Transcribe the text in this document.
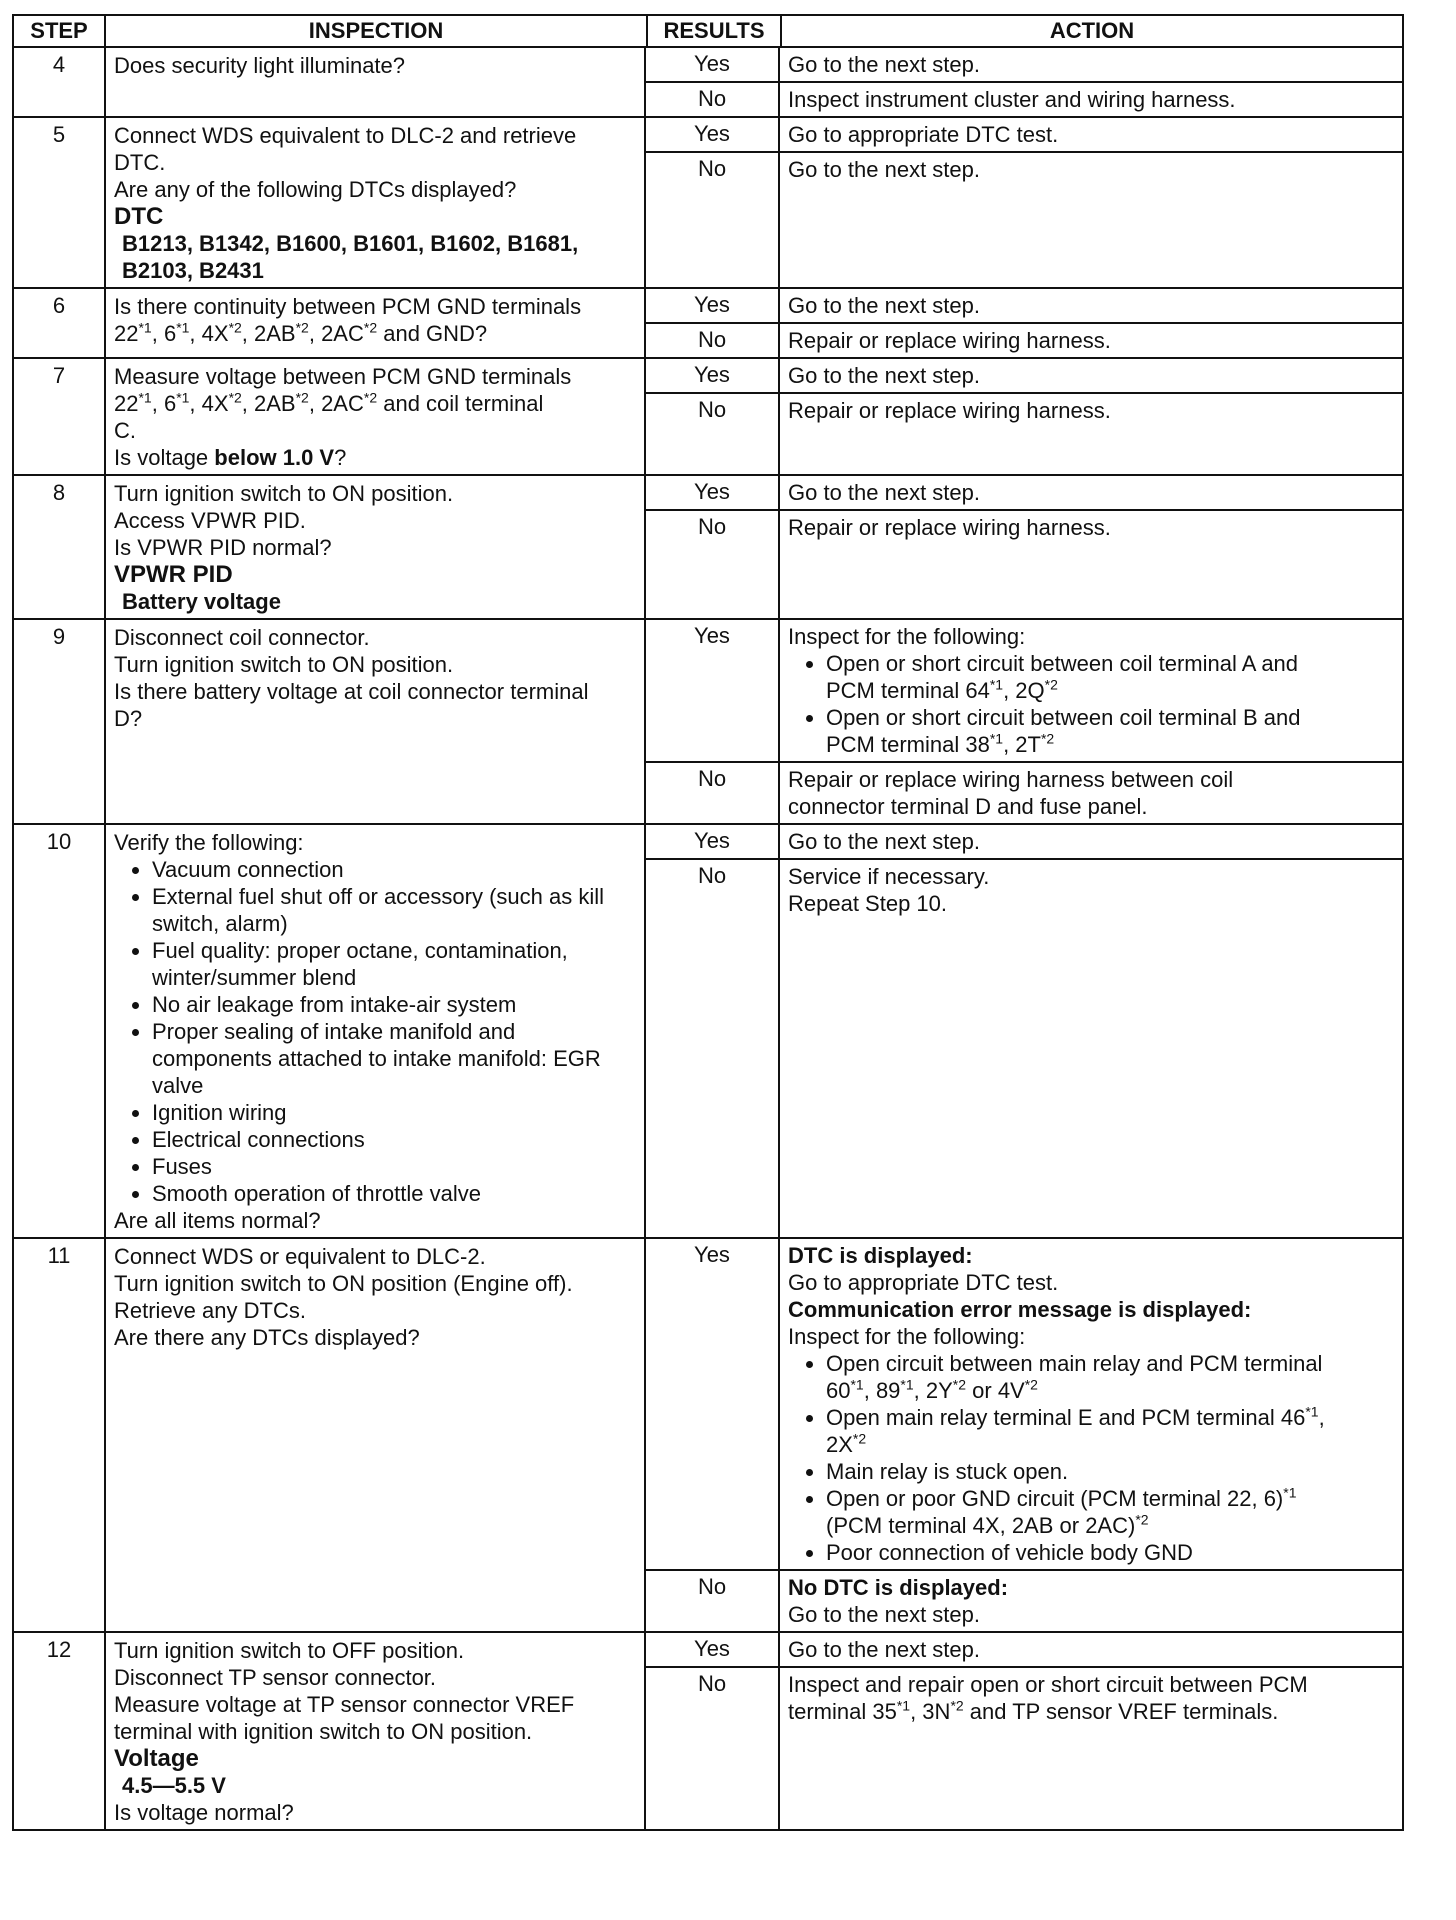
STEP	INSPECTION	RESULTS	ACTION
4	Does security light illuminate?	Yes	Go to the next step.
No	Inspect instrument cluster and wiring harness.
5	Connect WDS equivalent to DLC-2 and retrieve
DTC.
Are any of the following DTCs displayed?
DTC
B1213, B1342, B1600, B1601, B1602, B1681,
B2103, B2431
Yes	Go to appropriate DTC test.
No	Go to the next step.
6	Is there continuity between PCM GND terminals
22$^{*1}$, 6$^{*1}$, $4X^{*2}$, 2AB$^{*2}$, 2AC$^{*2}$ and GND?
Yes	Go to the next step.
No	Repair or replace wiring harness.
7	Measure voltage between PCM GND terminals
22$^{*1}$, 6$^{*1}$, $4X^{*2}$, 2AB$^{*2}$, 2AC$^{*2}$ and coil terminal
C.
Is voltage below 1.0 V?
Yes	Go to the next step.
No	Repair or replace wiring harness.
8	Turn ignition switch to ON position.
Access VPWR PID.
Is VPWR PID normal?
VPWR PID
Battery voltage
Yes	Go to the next step.
No	Repair or replace wiring harness.
9	Disconnect coil connector.
Turn ignition switch to ON position.
Is there battery voltage at coil connector terminal
D?
Yes	Inspect for the following:
• Open or short circuit between coil terminal A and
PCM terminal 64$^{*1}$, $2Q^{*2}$
• Open or short circuit between coil terminal B and
PCM terminal 38$^{*1}$, $2T^{*2}$
No	Repair or replace wiring harness between coil
connector terminal D and fuse panel.
10	Verify the following:
• Vacuum connection
• External fuel shut off or accessory (such as kill switch, alarm)
• Fuel quality: proper octane, contamination, winter/summer blend
• No air leakage from intake-air system
• Proper sealing of intake manifold and components attached to intake manifold: EGR valve
• Ignition wiring
• Electrical connections
• Fuses
• Smooth operation of throttle valve
Are all items normal?
Yes	Go to the next step.
No	Service if necessary.
Repeat Step 10.
11	Connect WDS or equivalent to DLC-2.
Turn ignition switch to ON position (Engine off).
Retrieve any DTCs.
Are there any DTCs displayed?
Yes	DTC is displayed:
Go to appropriate DTC test.
Communication error message is displayed:
Inspect for the following:
• Open circuit between main relay and PCM terminal
60$^{*1}$, 89$^{*1}$, $2Y^{*2}$ or $4V^{*2}$
• Open main relay terminal E and PCM terminal 46$^{*1}$,
$2X^{*2}$
• Main relay is stuck open.
• Open or poor GND circuit (PCM terminal 22, 6)$^{*1}$
(PCM terminal 4X, 2AB or 2AC)$^{*2}$
• Poor connection of vehicle body GND
No	No DTC is displayed:
Go to the next step.
12	Turn ignition switch to OFF position.
Disconnect TP sensor connector.
Measure voltage at TP sensor connector VREF
terminal with ignition switch to ON position.
Voltage
4.5—5.5 V
Is voltage normal?
Yes	Go to the next step.
No	Inspect and repair open or short circuit between PCM
terminal 35$^{*1}$, $3N^{*2}$ and TP sensor VREF terminals.
